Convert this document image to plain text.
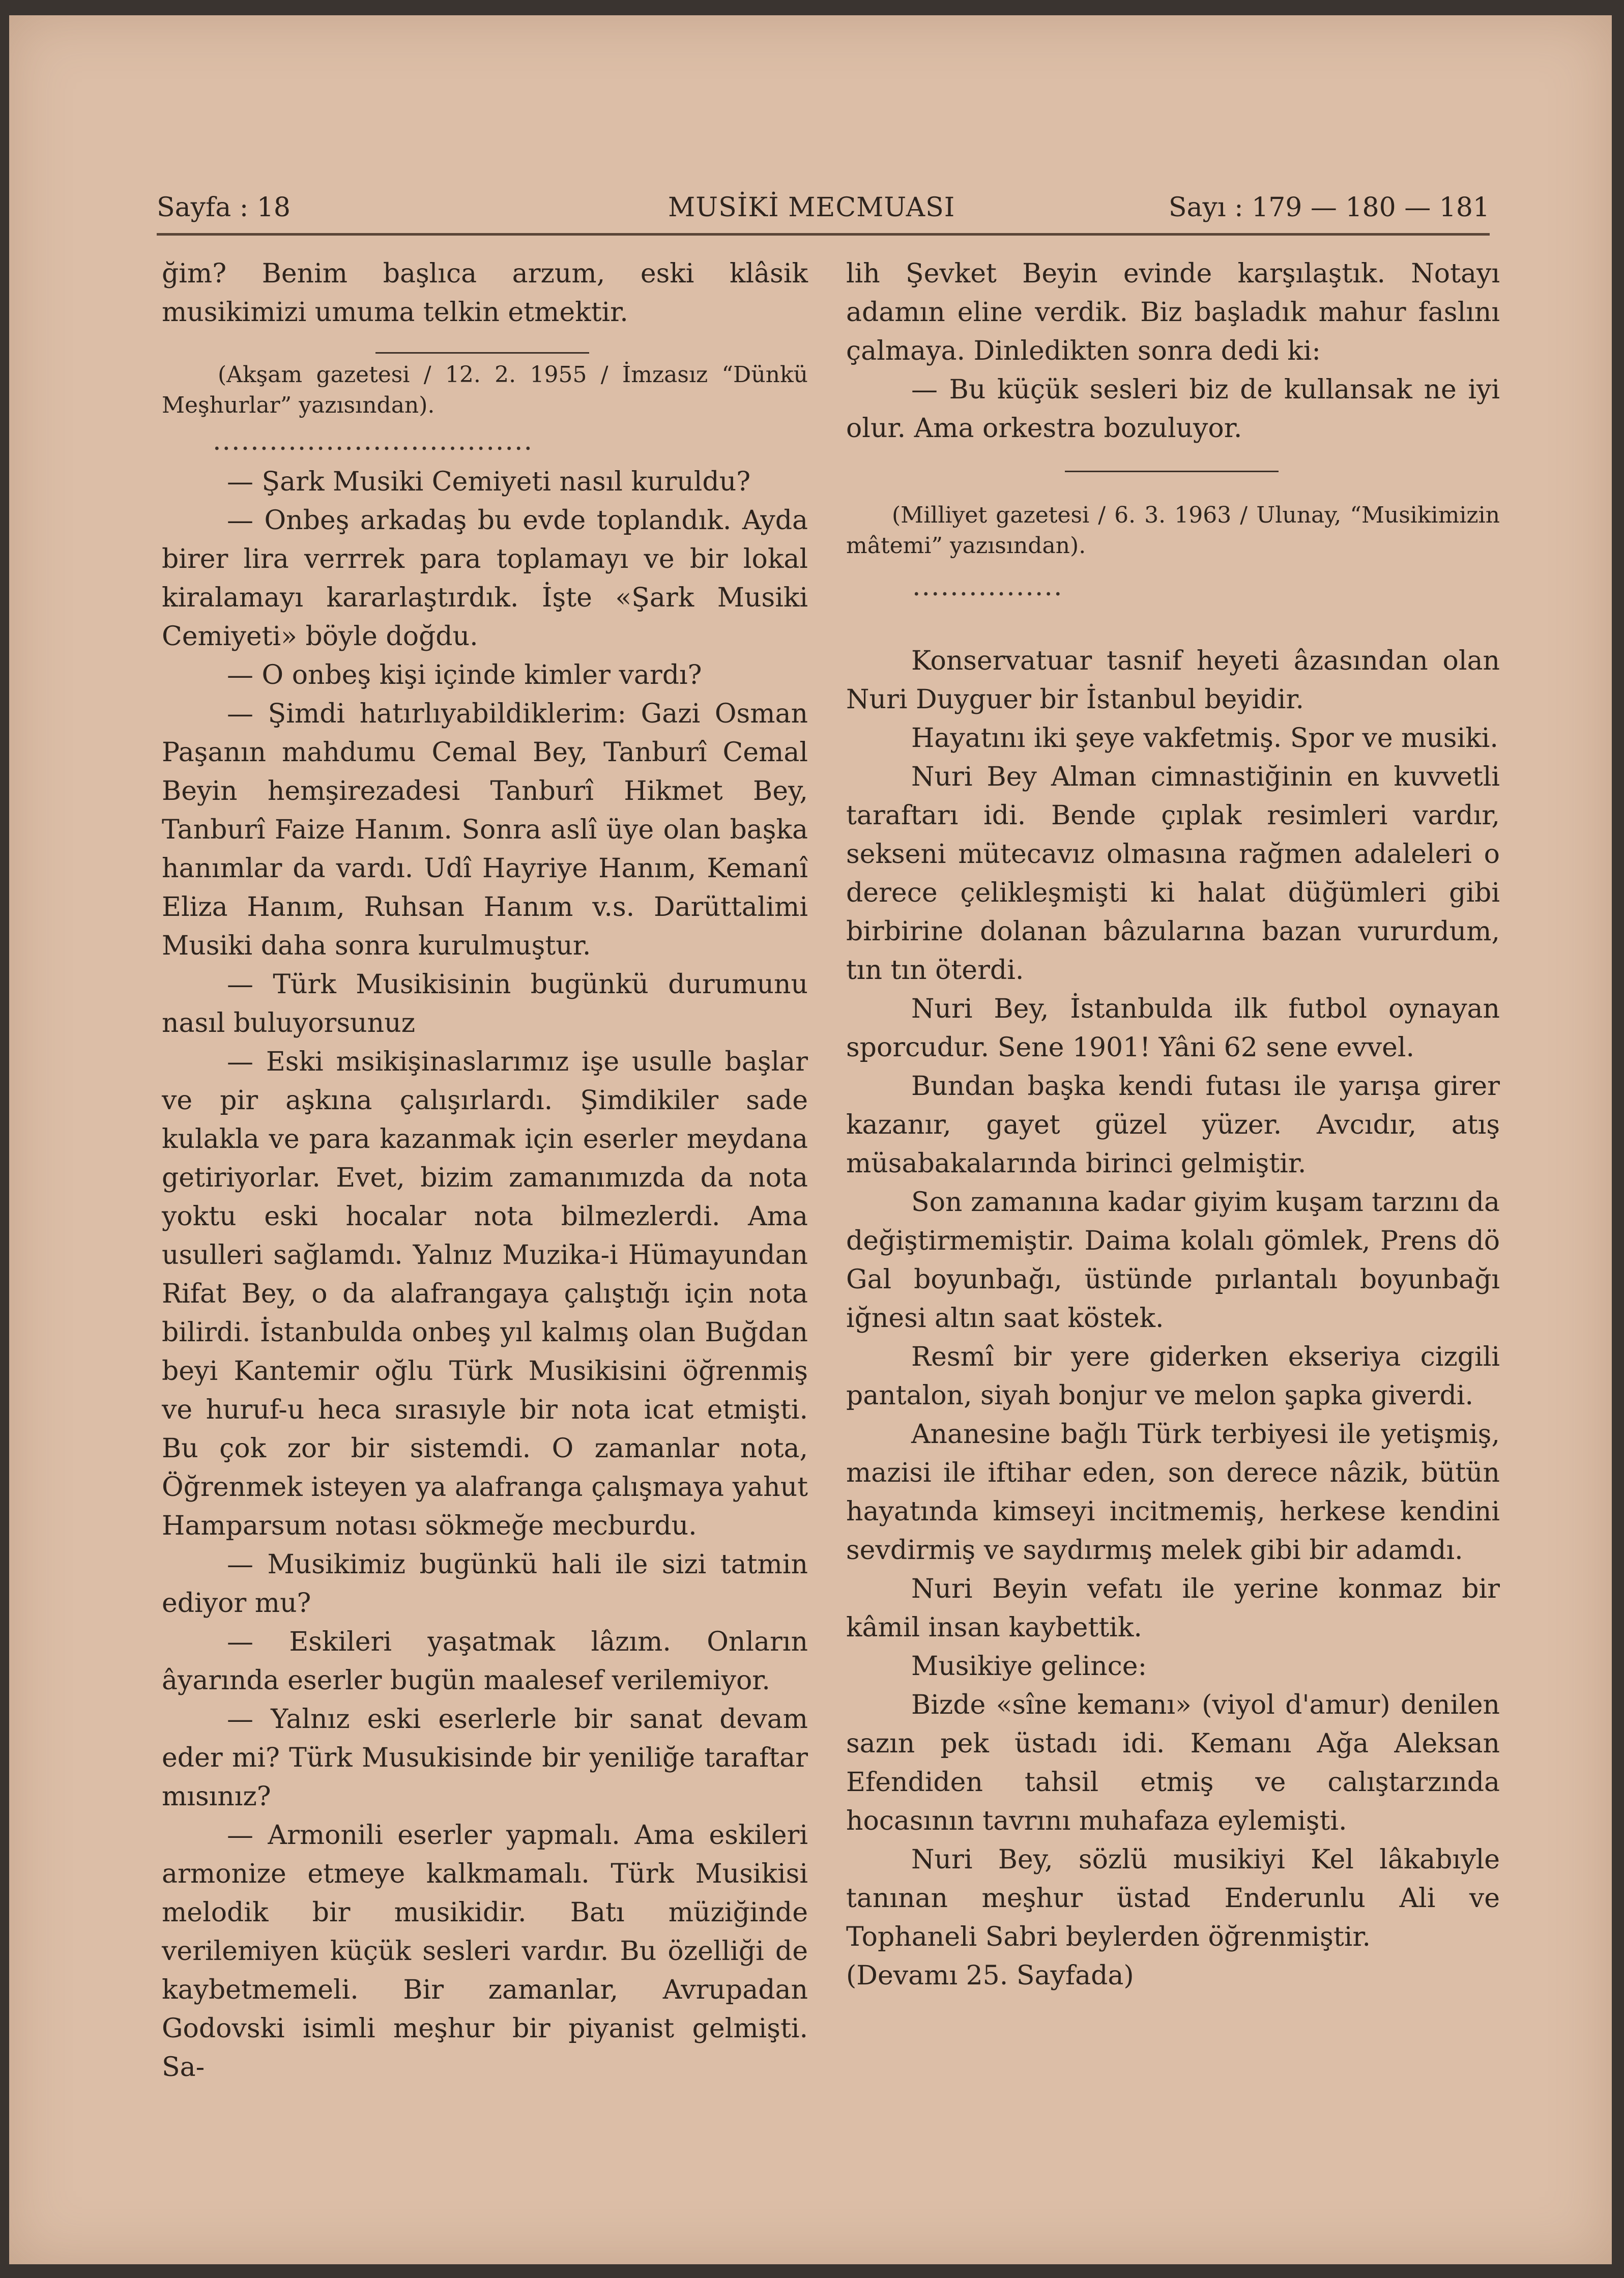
Sayfa : 18	MUSİKİ MECMUASI	Sayı : 179 — 180 — 181

ğim? Benim başlıca arzum, eski klâsik musikimizi umuma telkin etmektir.

(Akşam gazetesi / 12. 2. 1955 / İmzasız “Dünkü Meşhurlar” yazısından).

..................................

— Şark Musiki Cemiyeti nasıl kuruldu?

— Onbeş arkadaş bu evde toplandık. Ayda birer lira verrrek para toplamayı ve bir lokal kiralamayı kararlaştırdık. İşte «Şark Musiki Cemiyeti» böyle doğdu.

— O onbeş kişi içinde kimler vardı?

— Şimdi hatırlıyabildiklerim: Gazi Osman Paşanın mahdumu Cemal Bey, Tanburî Cemal Beyin hemşirezadesi Tanburî Hikmet Bey, Tanburî Faize Hanım. Sonra aslî üye olan başka hanımlar da vardı. Udî Hayriye Hanım, Kemanî Eliza Hanım, Ruhsan Hanım v.s. Darüttalimi Musiki daha sonra kurulmuştur.

— Türk Musikisinin bugünkü durumunu nasıl buluyorsunuz

— Eski msikişinaslarımız işe usulle başlar ve pir aşkına çalışırlardı. Şimdikiler sade kulakla ve para kazanmak için eserler meydana getiriyorlar. Evet, bizim zamanımızda da nota yoktu eski hocalar nota bilmezlerdi. Ama usulleri sağlamdı. Yalnız Muzika-i Hümayundan Rifat Bey, o da alafrangaya çalıştığı için nota bilirdi. İstanbulda onbeş yıl kalmış olan Buğdan beyi Kantemir oğlu Türk Musikisini öğrenmiş ve huruf-u heca sırasıyle bir nota icat etmişti. Bu çok zor bir sistemdi. O zamanlar nota, Öğrenmek isteyen ya alafranga çalışmaya yahut Hamparsum notası sökmeğe mecburdu.

— Musikimiz bugünkü hali ile sizi tatmin ediyor mu?

— Eskileri yaşatmak lâzım. Onların âyarında eserler bugün maalesef verilemiyor.

— Yalnız eski eserlerle bir sanat devam eder mi? Türk Musukisinde bir yeniliğe taraftar mısınız?

— Armonili eserler yapmalı. Ama eskileri armonize etmeye kalkmamalı. Türk Musikisi melodik bir musikidir. Batı müziğinde verilemiyen küçük sesleri vardır. Bu özelliği de kaybetmemeli. Bir zamanlar, Avrupadan Godovski isimli meşhur bir piyanist gelmişti. Sa-

lih Şevket Beyin evinde karşılaştık. Notayı adamın eline verdik. Biz başladık mahur faslını çalmaya. Dinledikten sonra dedi ki:

— Bu küçük sesleri biz de kullansak ne iyi olur. Ama orkestra bozuluyor.

(Milliyet gazetesi / 6. 3. 1963 / Ulunay, “Musikimizin mâtemi” yazısından).

................

Konservatuar tasnif heyeti âzasından olan Nuri Duyguer bir İstanbul beyidir.

Hayatını iki şeye vakfetmiş. Spor ve musiki.

Nuri Bey Alman cimnastiğinin en kuvvetli taraftarı idi. Bende çıplak resimleri vardır, sekseni mütecavız olmasına rağmen adaleleri o derece çelikleşmişti ki halat düğümleri gibi birbirine dolanan bâzularına bazan vururdum, tın tın öterdi.

Nuri Bey, İstanbulda ilk futbol oynayan sporcudur. Sene 1901! Yâni 62 sene evvel.

Bundan başka kendi futası ile yarışa girer kazanır, gayet güzel yüzer. Avcıdır, atış müsabakalarında birinci gelmiştir.

Son zamanına kadar giyim kuşam tarzını da değiştirmemiştir. Daima kolalı gömlek, Prens dö Gal boyunbağı, üstünde pırlantalı boyunbağı iğnesi altın saat köstek.

Resmî bir yere giderken ekseriya cizgili pantalon, siyah bonjur ve melon şapka giverdi.

Ananesine bağlı Türk terbiyesi ile yetişmiş, mazisi ile iftihar eden, son derece nâzik, bütün hayatında kimseyi incitmemiş, herkese kendini sevdirmiş ve saydırmış melek gibi bir adamdı.

Nuri Beyin vefatı ile yerine konmaz bir kâmil insan kaybettik.

Musikiye gelince:

Bizde «sîne kemanı» (viyol d'amur) denilen sazın pek üstadı idi. Kemanı Ağa Aleksan Efendiden tahsil etmiş ve calıştarzında hocasının tavrını muhafaza eylemişti.

Nuri Bey, sözlü musikiyi Kel lâkabıyle tanınan meşhur üstad Enderunlu Ali ve Tophaneli Sabri beylerden öğrenmiştir.

(Devamı 25. Sayfada)
